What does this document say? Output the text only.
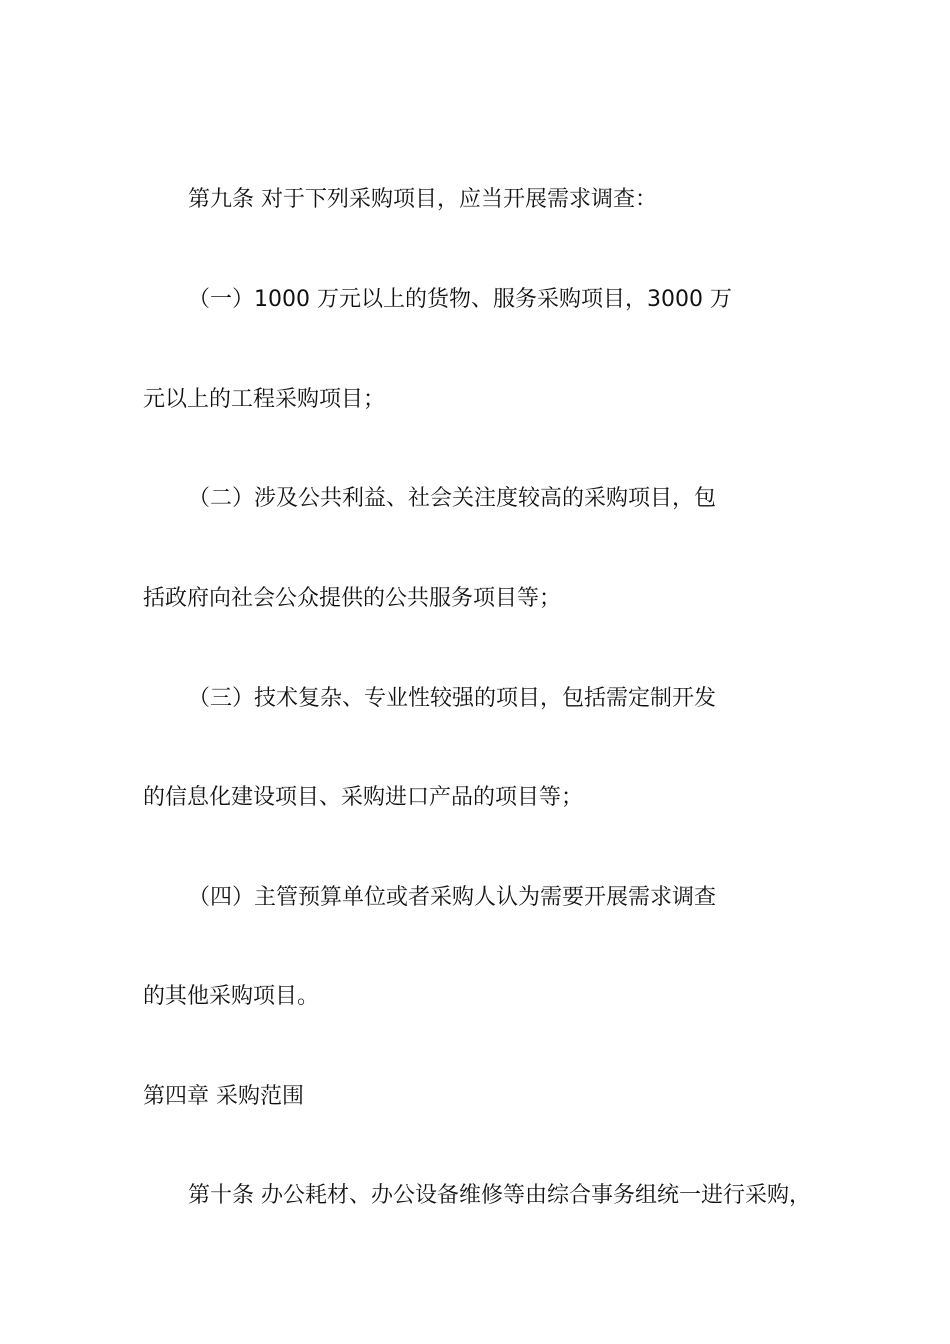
第九条 对于下列采购项目，应当开展需求调查：
（一）1000 万元以上的货物、服务采购项目，3000 万
元以上的工程采购项目；
（二）涉及公共利益、社会关注度较高的采购项目，包
括政府向社会公众提供的公共服务项目等；
（三）技术复杂、专业性较强的项目，包括需定制开发
的信息化建设项目、采购进口产品的项目等；
（四）主管预算单位或者采购人认为需要开展需求调查
的其他采购项目。
第四章 采购范围
第十条 办公耗材、办公设备维修等由综合事务组统一进行采购，
